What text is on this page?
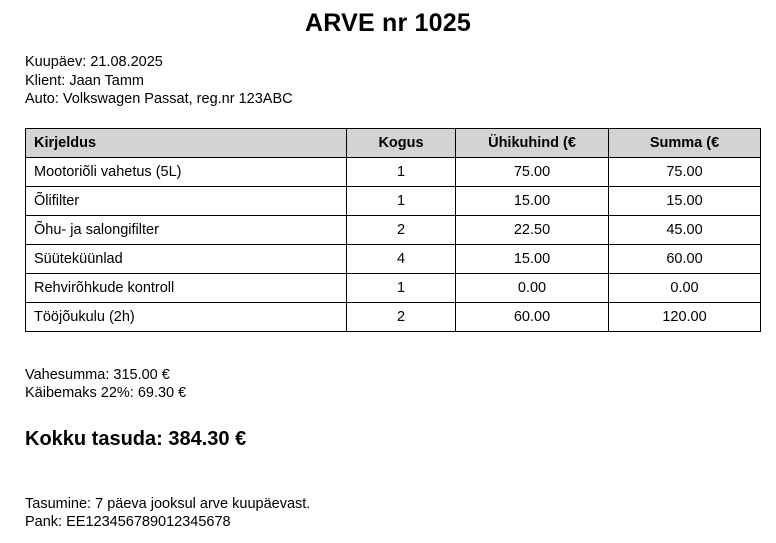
ARVE nr 1025
Kuupäev: 21.08.2025
Klient: Jaan Tamm
Auto: Volkswagen Passat, reg.nr 123ABC
Kirjeldus	Kogus	Ühikuhind (€	Summa (€
Mootoriõli vahetus (5L)	1	75.00	75.00
Õlifilter	1	15.00	15.00
Õhu- ja salongifilter	2	22.50	45.00
Süüteküünlad	4	15.00	60.00
Rehvirõhkude kontroll	1	0.00	0.00
Tööjõukulu (2h)	2	60.00	120.00
Vahesumma: 315.00 €
Käibemaks 22%: 69.30 €
Kokku tasuda: 384.30 €
Tasumine: 7 päeva jooksul arve kuupäevast.
Pank: EE123456789012345678
